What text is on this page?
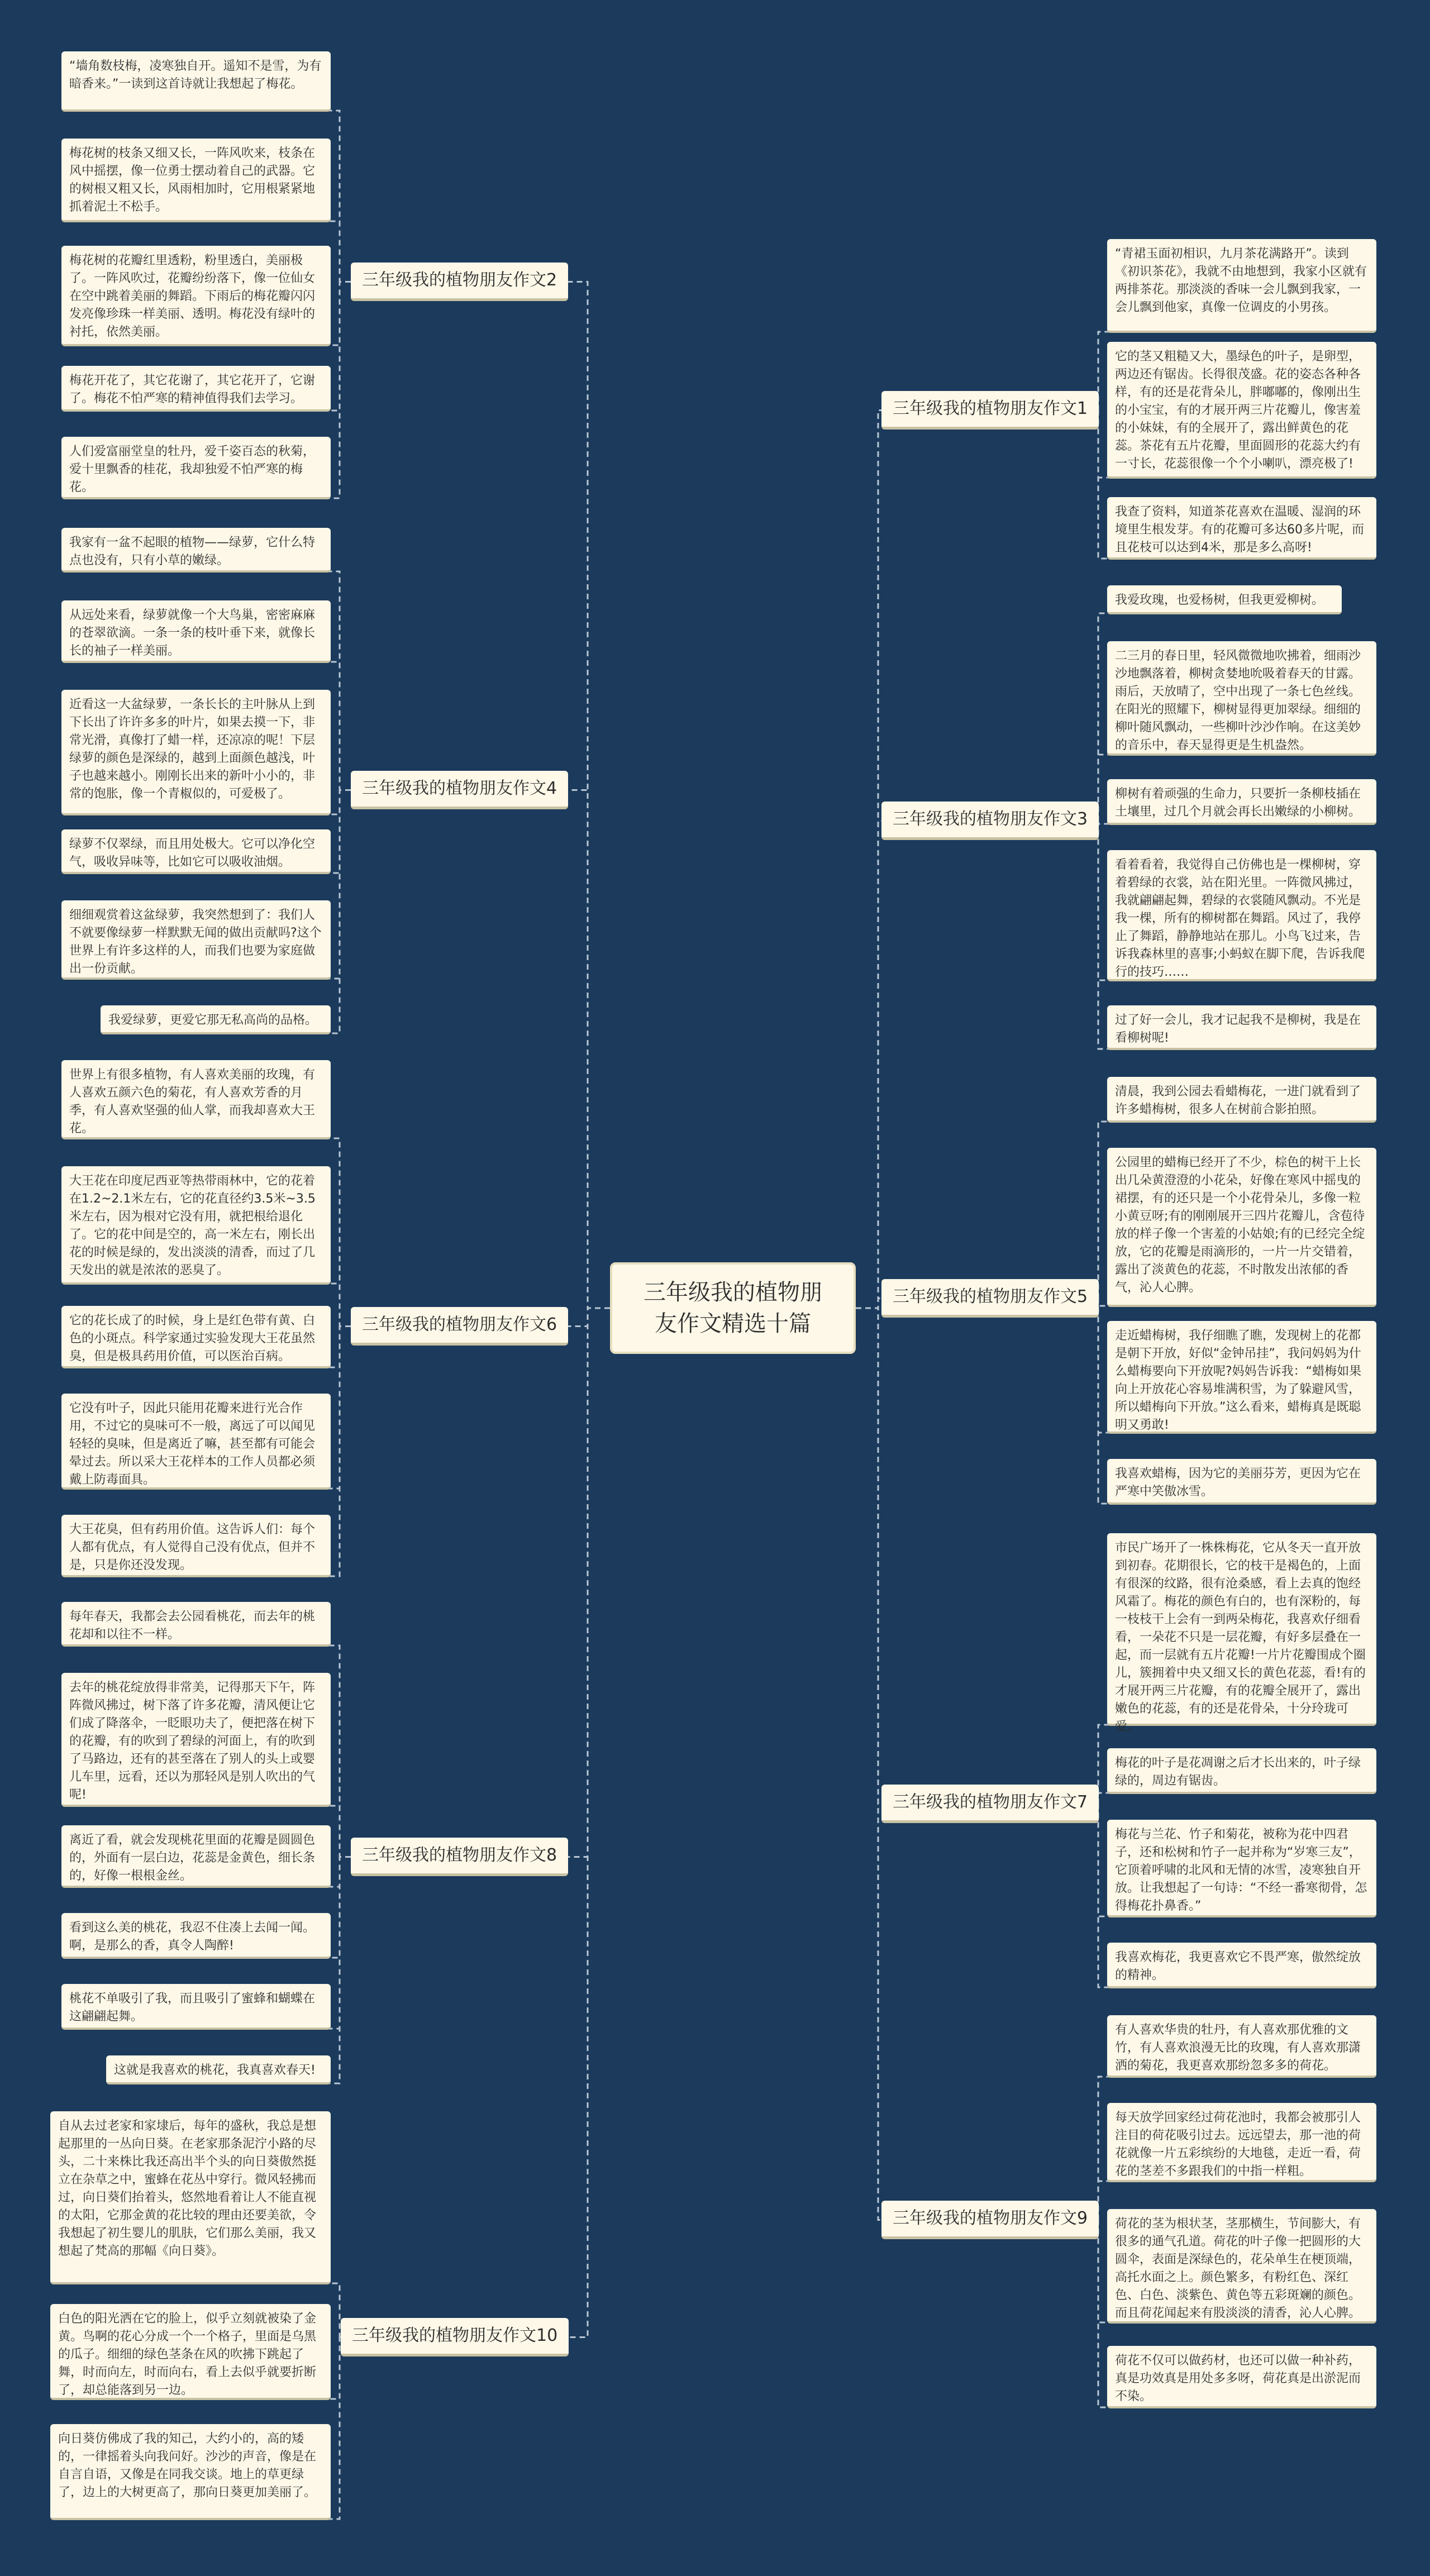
三年级我的植物朋友作文精选十篇
三年级我的植物朋友作文2
三年级我的植物朋友作文4
三年级我的植物朋友作文6
三年级我的植物朋友作文8
三年级我的植物朋友作文10
三年级我的植物朋友作文1
三年级我的植物朋友作文3
三年级我的植物朋友作文5
三年级我的植物朋友作文7
三年级我的植物朋友作文9
“墙角数枝梅，凌寒独自开。遥知不是雪，为有暗香来。”一读到这首诗就让我想起了梅花。
梅花树的枝条又细又长，一阵风吹来，枝条在风中摇摆，像一位勇士摆动着自己的武器。它的树根又粗又长，风雨相加时，它用根紧紧地抓着泥土不松手。
梅花树的花瓣红里透粉，粉里透白，美丽极了。一阵风吹过，花瓣纷纷落下，像一位仙女在空中跳着美丽的舞蹈。下雨后的梅花瓣闪闪发亮像珍珠一样美丽、透明。梅花没有绿叶的衬托，依然美丽。
梅花开花了，其它花谢了，其它花开了，它谢了。梅花不怕严寒的精神值得我们去学习。
人们爱富丽堂皇的牡丹，爱千姿百态的秋菊，爱十里飘香的桂花，我却独爱不怕严寒的梅花。
我家有一盆不起眼的植物——绿萝，它什么特点也没有，只有小草的嫩绿。
从远处来看，绿萝就像一个大鸟巢，密密麻麻的苍翠欲滴。一条一条的枝叶垂下来，就像长长的袖子一样美丽。
近看这一大盆绿萝，一条长长的主叶脉从上到下长出了许许多多的叶片，如果去摸一下，非常光滑，真像打了蜡一样，还凉凉的呢！下层绿萝的颜色是深绿的，越到上面颜色越浅，叶子也越来越小。刚刚长出来的新叶小小的，非常的饱胀，像一个青椒似的，可爱极了。
绿萝不仅翠绿，而且用处极大。它可以净化空气，吸收异味等，比如它可以吸收油烟。
细细观赏着这盆绿萝，我突然想到了：我们人不就要像绿萝一样默默无闻的做出贡献吗?这个世界上有许多这样的人，而我们也要为家庭做出一份贡献。
我爱绿萝，更爱它那无私高尚的品格。
世界上有很多植物，有人喜欢美丽的玫瑰，有人喜欢五颜六色的菊花，有人喜欢芳香的月季，有人喜欢坚强的仙人掌，而我却喜欢大王花。
大王花在印度尼西亚等热带雨林中，它的花着在1.2~2.1米左右，它的花直径约3.5米~3.5米左右，因为根对它没有用，就把根给退化了。它的花中间是空的，高一米左右，刚长出花的时候是绿的，发出淡淡的清香，而过了几天发出的就是浓浓的恶臭了。
它的花长成了的时候，身上是红色带有黄、白色的小斑点。科学家通过实验发现大王花虽然臭，但是极具药用价值，可以医治百病。
它没有叶子，因此只能用花瓣来进行光合作用，不过它的臭味可不一般，离远了可以闻见轻轻的臭味，但是离近了嘛，甚至都有可能会晕过去。所以采大王花样本的工作人员都必须戴上防毒面具。
大王花臭，但有药用价值。这告诉人们：每个人都有优点，有人觉得自己没有优点，但并不是，只是你还没发现。
每年春天，我都会去公园看桃花，而去年的桃花却和以往不一样。
去年的桃花绽放得非常美，记得那天下午，阵阵微风拂过，树下落了许多花瓣，清风便让它们成了降落伞，一眨眼功夫了，便把落在树下的花瓣，有的吹到了碧绿的河面上，有的吹到了马路边，还有的甚至落在了别人的头上或婴儿车里，远看，还以为那轻风是别人吹出的气呢!
离近了看，就会发现桃花里面的花瓣是圆圆色的，外面有一层白边，花蕊是金黄色，细长条的，好像一根根金丝。
看到这么美的桃花，我忍不住凑上去闻一闻。啊，是那么的香，真令人陶醉!
桃花不单吸引了我，而且吸引了蜜蜂和蝴蝶在这翩翩起舞。
这就是我喜欢的桃花，我真喜欢春天!
自从去过老家和家埭后，每年的盛秋，我总是想起那里的一丛向日葵。在老家那条泥泞小路的尽头，二十来株比我还高出半个头的向日葵傲然挺立在杂草之中，蜜蜂在花丛中穿行。微风轻拂而过，向日葵们抬着头，悠然地看着让人不能直视的太阳，它那金黄的花比较的理由还要美欲，令我想起了初生婴儿的肌肤，它们那么美丽，我又想起了梵高的那幅《向日葵》。
白色的阳光洒在它的脸上，似乎立刻就被染了金黄。鸟啊的花心分成一个一个格子，里面是乌黑的瓜子。细细的绿色茎条在风的吹拂下跳起了舞，时而向左，时而向右，看上去似乎就要折断了，却总能落到另一边。
向日葵仿佛成了我的知己，大约小的，高的矮的，一律摇着头向我问好。沙沙的声音，像是在自言自语，又像是在同我交谈。地上的草更绿了，边上的大树更高了，那向日葵更加美丽了。
“青裙玉面初相识，九月茶花满路开”。读到《初识茶花》，我就不由地想到，我家小区就有两排茶花。那淡淡的香味一会儿飘到我家，一会儿飘到他家，真像一位调皮的小男孩。
它的茎又粗糙又大，墨绿色的叶子，是卵型，两边还有锯齿。长得很茂盛。花的姿态各种各样，有的还是花背朵儿，胖嘟嘟的，像刚出生的小宝宝，有的才展开两三片花瓣儿，像害羞的小妹妹，有的全展开了，露出鲜黄色的花蕊。茶花有五片花瓣，里面圆形的花蕊大约有一寸长，花蕊很像一个个小喇叭，漂亮极了!
我查了资料，知道茶花喜欢在温暖、湿润的环境里生根发芽。有的花瓣可多达60多片呢，而且花枝可以达到4米，那是多么高呀!
我爱玫瑰，也爱杨树，但我更爱柳树。
二三月的春日里，轻风微微地吹拂着，细雨沙沙地飘落着，柳树贪婪地吮吸着春天的甘露。雨后，天放晴了，空中出现了一条七色丝线。在阳光的照耀下，柳树显得更加翠绿。细细的柳叶随风飘动，一些柳叶沙沙作响。在这美妙的音乐中，春天显得更是生机盎然。
柳树有着顽强的生命力，只要折一条柳枝插在土壤里，过几个月就会再长出嫩绿的小柳树。
看着看着，我觉得自己仿佛也是一棵柳树，穿着碧绿的衣裳，站在阳光里。一阵微风拂过，我就翩翩起舞，碧绿的衣裳随风飘动。不光是我一棵，所有的柳树都在舞蹈。风过了，我停止了舞蹈，静静地站在那儿。小鸟飞过来，告诉我森林里的喜事;小蚂蚁在脚下爬，告诉我爬行的技巧……
过了好一会儿，我才记起我不是柳树，我是在看柳树呢!
清晨，我到公园去看蜡梅花，一进门就看到了许多蜡梅树，很多人在树前合影拍照。
公园里的蜡梅已经开了不少，棕色的树干上长出几朵黄澄澄的小花朵，好像在寒风中摇曳的裙摆，有的还只是一个小花骨朵儿，多像一粒小黄豆呀;有的刚刚展开三四片花瓣儿，含苞待放的样子像一个害羞的小姑娘;有的已经完全绽放，它的花瓣是雨滴形的，一片一片交错着，露出了淡黄色的花蕊，不时散发出浓郁的香气，沁人心脾。
走近蜡梅树，我仔细瞧了瞧，发现树上的花都是朝下开放，好似“金钟吊挂”，我问妈妈为什么蜡梅要向下开放呢?妈妈告诉我：“蜡梅如果向上开放花心容易堆满积雪，为了躲避风雪，所以蜡梅向下开放。”这么看来，蜡梅真是既聪明又勇敢!
我喜欢蜡梅，因为它的美丽芬芳，更因为它在严寒中笑傲冰雪。
市民广场开了一株株梅花，它从冬天一直开放到初春。花期很长，它的枝干是褐色的，上面有很深的纹路，很有沧桑感，看上去真的饱经风霜了。梅花的颜色有白的，也有深粉的，每一枝枝干上会有一到两朵梅花，我喜欢仔细看看，一朵花不只是一层花瓣，有好多层叠在一起，而一层就有五片花瓣!一片片花瓣围成个圈儿，簇拥着中央又细又长的黄色花蕊，看!有的才展开两三片花瓣，有的花瓣全展开了，露出嫩色的花蕊，有的还是花骨朵，十分玲珑可爱。
梅花的叶子是花凋谢之后才长出来的，叶子绿绿的，周边有锯齿。
梅花与兰花、竹子和菊花，被称为花中四君子，还和松树和竹子一起并称为“岁寒三友”，它顶着呼啸的北风和无情的冰雪，凌寒独自开放。让我想起了一句诗：“不经一番寒彻骨，怎得梅花扑鼻香。”
我喜欢梅花，我更喜欢它不畏严寒，傲然绽放的精神。
有人喜欢华贵的牡丹，有人喜欢那优雅的文竹，有人喜欢浪漫无比的玫瑰，有人喜欢那潇洒的菊花，我更喜欢那纷忽多多的荷花。
每天放学回家经过荷花池时，我都会被那引人注目的荷花吸引过去。远远望去，那一池的荷花就像一片五彩缤纷的大地毯，走近一看，荷花的茎差不多跟我们的中指一样粗。
荷花的茎为根状茎，茎那横生，节间膨大，有很多的通气孔道。荷花的叶子像一把圆形的大圆伞，表面是深绿色的，花朵单生在梗顶端，高托水面之上。颜色繁多，有粉红色、深红色、白色、淡紫色、黄色等五彩斑斓的颜色。而且荷花闻起来有股淡淡的清香，沁人心脾。
荷花不仅可以做药材，也还可以做一种补药，真是功效真是用处多多呀，荷花真是出淤泥而不染。
